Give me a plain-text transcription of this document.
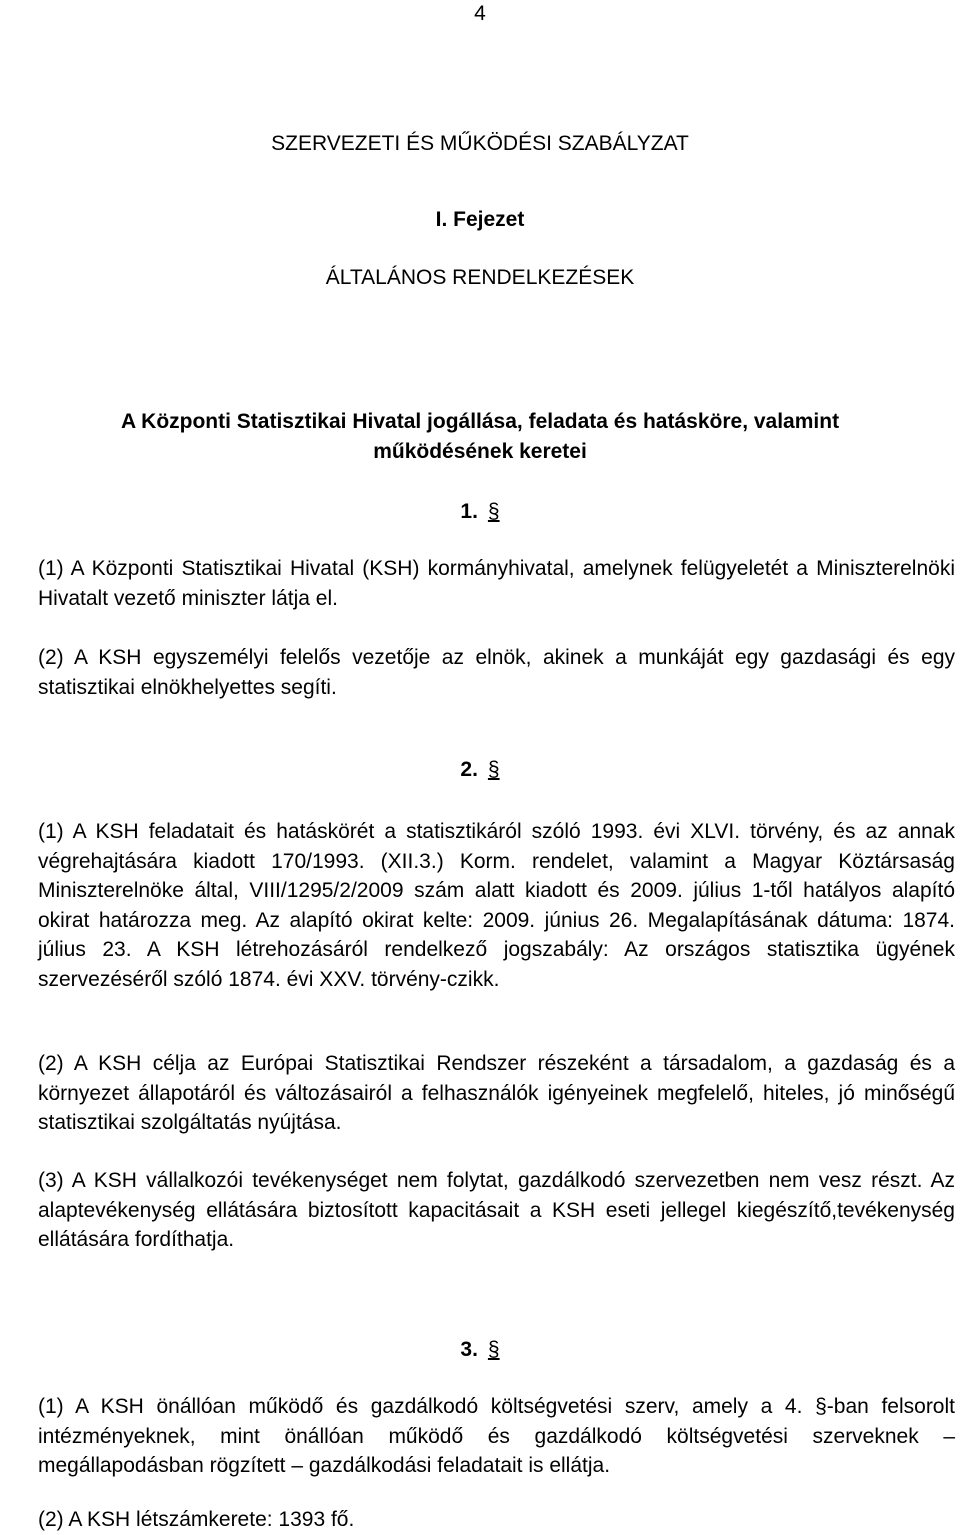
4
SZERVEZETI ÉS MŰKÖDÉSI SZABÁLYZAT
I. Fejezet
ÁLTALÁNOS RENDELKEZÉSEK
A Központi Statisztikai Hivatal jogállása, feladata és hatásköre, valamint
működésének keretei
1. §
(1) A Központi Statisztikai Hivatal (KSH) kormányhivatal, amelynek felügyeletét a Miniszterelnöki Hivatalt vezető miniszter látja el.
(2) A KSH egyszemélyi felelős vezetője az elnök, akinek a munkáját egy gazdasági és egy statisztikai elnökhelyettes segíti.
2. §
(1) A KSH feladatait és hatáskörét a statisztikáról szóló 1993. évi XLVI. törvény, és az annak végrehajtására kiadott 170/1993. (XII.3.) Korm. rendelet, valamint a Magyar Köztársaság Miniszterelnöke által, VIII/1295/2/2009 szám alatt kiadott és 2009. július 1-től hatályos alapító okirat határozza meg. Az alapító okirat kelte: 2009. június 26. Megalapításának dátuma: 1874. július 23. A KSH létrehozásáról rendelkező jogszabály: Az országos statisztika ügyének szervezéséről szóló 1874. évi XXV. törvény-czikk.
(2) A KSH célja az Európai Statisztikai Rendszer részeként a társadalom, a gazdaság és a környezet állapotáról és változásairól a felhasználók igényeinek megfelelő, hiteles, jó minőségű statisztikai szolgáltatás nyújtása.
(3) A KSH vállalkozói tevékenységet nem folytat, gazdálkodó szervezetben nem vesz részt. Az alaptevékenység ellátására biztosított kapacitásait a KSH eseti jellegel kiegészítő,tevékenység ellátására fordíthatja.
3. §
(1) A KSH önállóan működő és gazdálkodó költségvetési szerv, amely a 4. §-ban felsorolt intézményeknek, mint önállóan működő és gazdálkodó költségvetési szerveknek – megállapodásban rögzített – gazdálkodási feladatait is ellátja.
(2) A KSH létszámkerete: 1393 fő.
